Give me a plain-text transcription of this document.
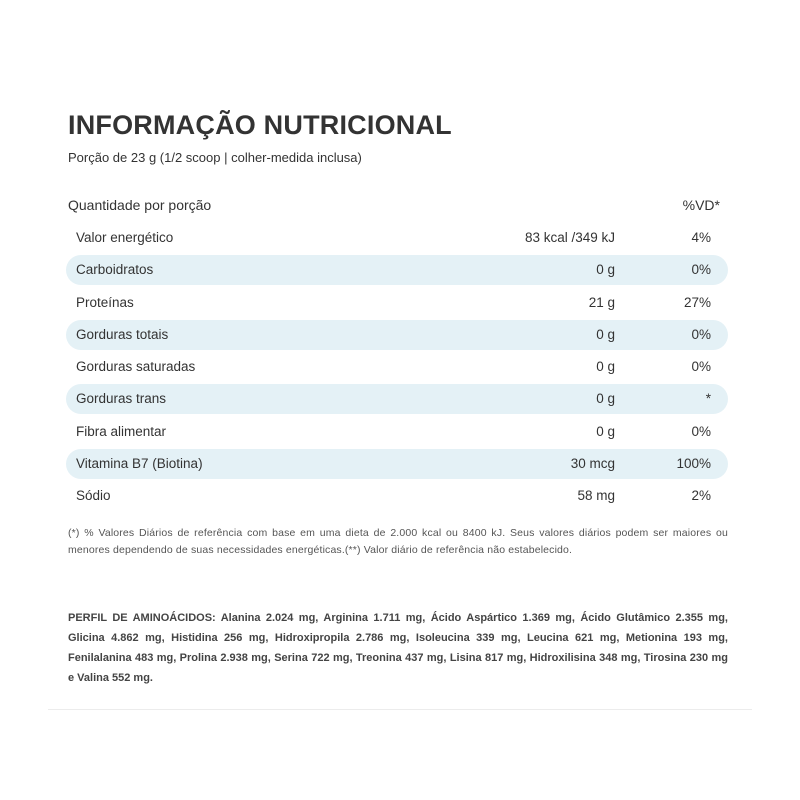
INFORMAÇÃO NUTRICIONAL

Porção de 23 g (1/2 scoop | colher-medida inclusa)

Quantidade por porção	%VD*
Valor energético	83 kcal /349 kJ	4%
Carboidratos	0 g	0%
Proteínas	21 g	27%
Gorduras totais	0 g	0%
Gorduras saturadas	0 g	0%
Gorduras trans	0 g	*
Fibra alimentar	0 g	0%
Vitamina B7 (Biotina)	30 mcg	100%
Sódio	58 mg	2%

(*) % Valores Diários de referência com base em uma dieta de 2.000 kcal ou 8400 kJ. Seus valores diários podem ser maiores ou menores dependendo de suas necessidades energéticas.(**) Valor diário de referência não estabelecido.

PERFIL DE AMINOÁCIDOS: Alanina 2.024 mg, Arginina 1.711 mg, Ácido Aspártico 1.369 mg, Ácido Glutâmico 2.355 mg, Glicina 4.862 mg, Histidina 256 mg, Hidroxipropila 2.786 mg, Isoleucina 339 mg, Leucina 621 mg, Metionina 193 mg, Fenilalanina 483 mg, Prolina 2.938 mg, Serina 722 mg, Treonina 437 mg, Lisina 817 mg, Hidroxilisina 348 mg, Tirosina 230 mg e Valina 552 mg.
